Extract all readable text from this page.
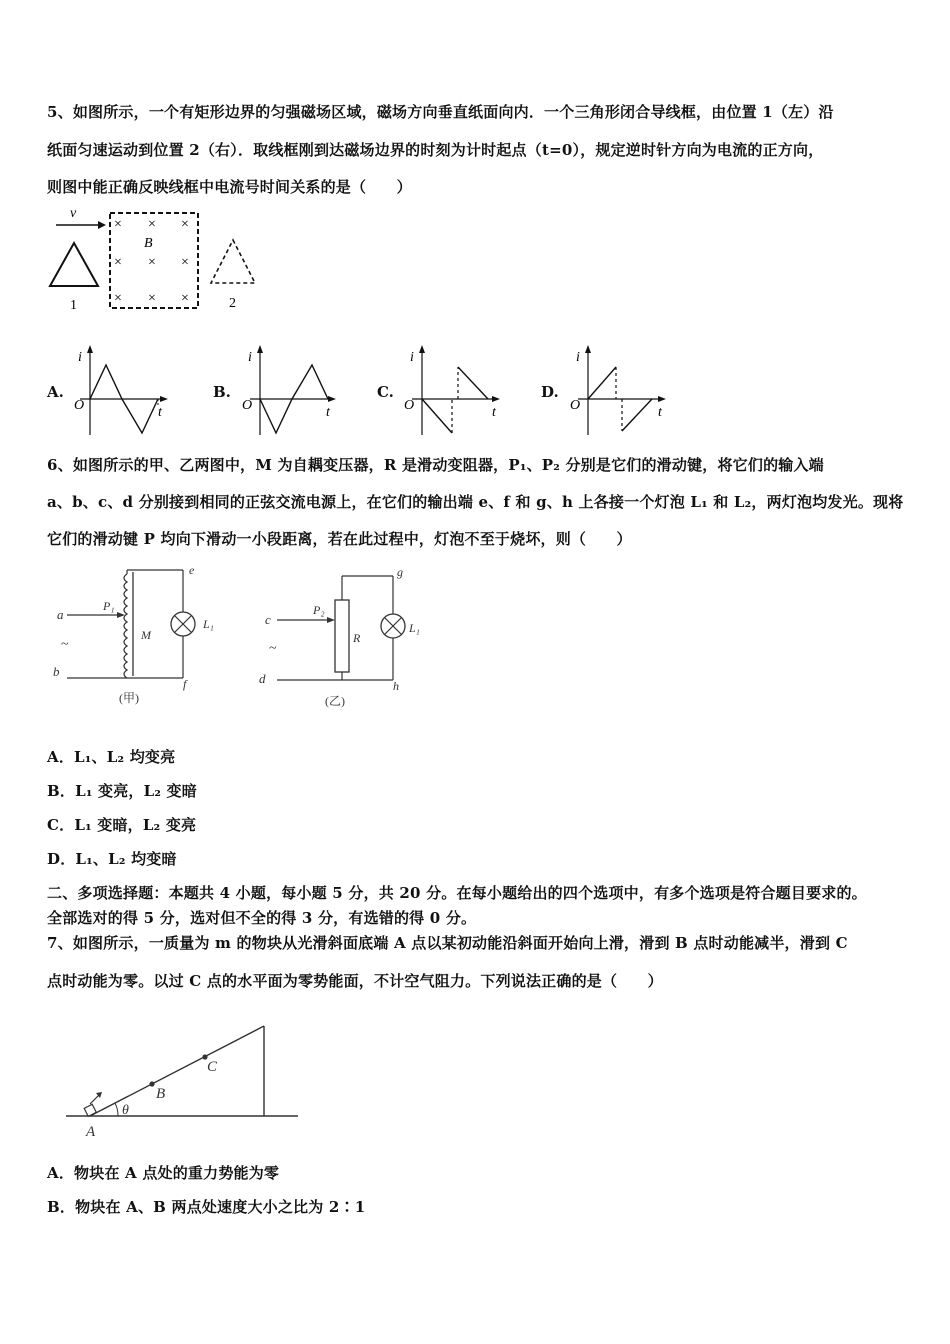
5、如图所示，一个有矩形边界的匀强磁场区域，磁场方向垂直纸面向内．一个三角形闭合导线框，由位置 1（左）沿
纸面匀速运动到位置 2（右）．取线框刚到达磁场边界的时刻为计时起点（t=0），规定逆时针方向为电流的正方向，
则图中能正确反映线框中电流号时间关系的是（　　）
v
1
× × ×
× × ×
× × ×
B
2
A.
i
O	t
B.
i
O	t
C.
i
O	t
D.
i
O	t
6、如图所示的甲、乙两图中，M 为自耦变压器，R 是滑动变阻器，P₁、P₂ 分别是它们的滑动键，将它们的输入端
a、b、c、d 分别接到相同的正弦交流电源上，在它们的输出端 e、f 和 g、h 上各接一个灯泡 L₁ 和 L₂，两灯泡均发光。现将
它们的滑动键 P 均向下滑动一小段距离，若在此过程中，灯泡不至于烧坏，则（　　）
a
~
b
P₁
M
e
L₁
f
(甲)
c
~
d
P₂
R
g
L₁
h
(乙)
A．L₁、L₂ 均变亮
B．L₁ 变亮，L₂ 变暗
C．L₁ 变暗，L₂ 变亮
D．L₁、L₂ 均变暗
二、多项选择题：本题共 4 小题，每小题 5 分，共 20 分。在每小题给出的四个选项中，有多个选项是符合题目要求的。
全部选对的得 5 分，选对但不全的得 3 分，有选错的得 0 分。
7、如图所示，一质量为 m 的物块从光滑斜面底端 A 点以某初动能沿斜面开始向上滑，滑到 B 点时动能减半，滑到 C
点时动能为零。以过 C 点的水平面为零势能面，不计空气阻力。下列说法正确的是（　　）
θ
A
B
C
A．物块在 A 点处的重力势能为零
B．物块在 A、B 两点处速度大小之比为 2∶1
